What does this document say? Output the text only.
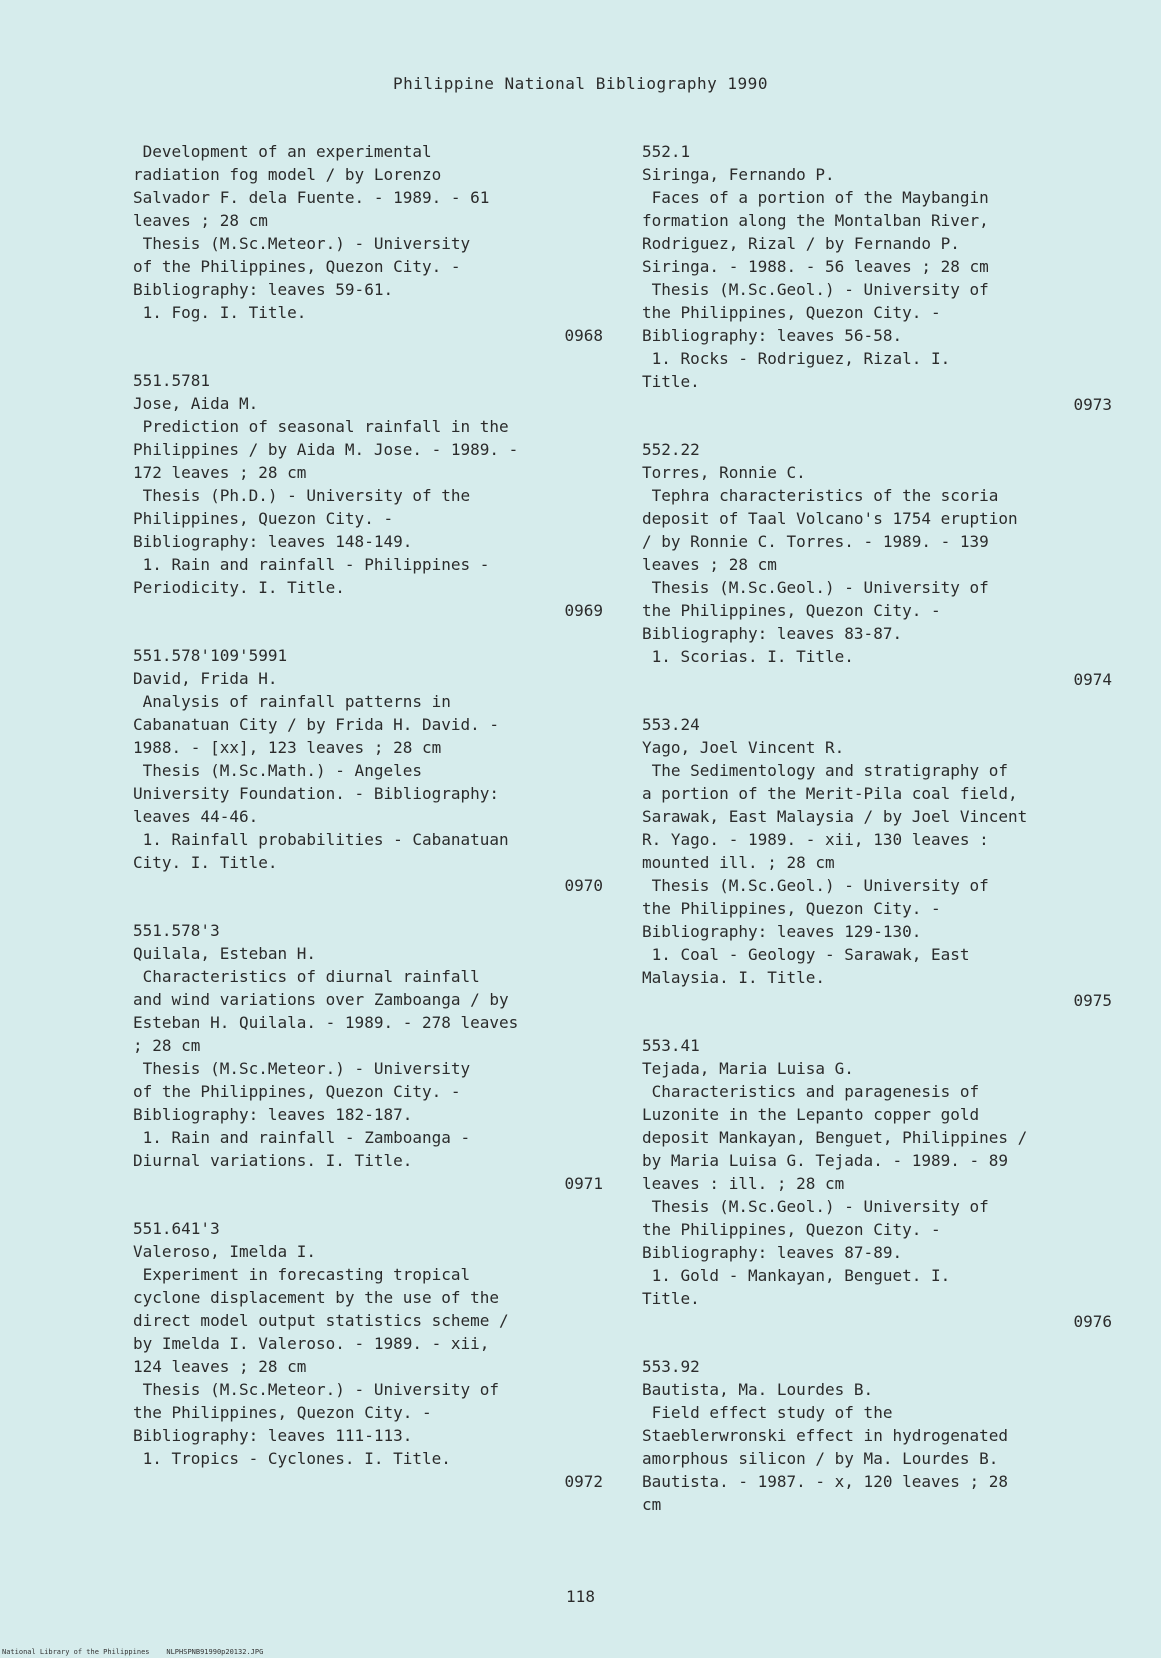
Philippine National Bibliography 1990
Development of an experimental
radiation fog model / by Lorenzo
Salvador F. dela Fuente. - 1989. - 61
leaves ; 28 cm
Thesis (M.Sc.Meteor.) - University
of the Philippines, Quezon City. -
Bibliography: leaves 59-61.
1. Fog. I. Title.
0968
551.5781
Jose, Aida M.
Prediction of seasonal rainfall in the
Philippines / by Aida M. Jose. - 1989. -
172 leaves ; 28 cm
Thesis (Ph.D.) - University of the
Philippines, Quezon City. -
Bibliography: leaves 148-149.
1. Rain and rainfall - Philippines -
Periodicity. I. Title.
0969
551.578'109'5991
David, Frida H.
Analysis of rainfall patterns in
Cabanatuan City / by Frida H. David. -
1988. - [xx], 123 leaves ; 28 cm
Thesis (M.Sc.Math.) - Angeles
University Foundation. - Bibliography:
leaves 44-46.
1. Rainfall probabilities - Cabanatuan
City. I. Title.
0970
551.578'3
Quilala, Esteban H.
Characteristics of diurnal rainfall
and wind variations over Zamboanga / by
Esteban H. Quilala. - 1989. - 278 leaves
; 28 cm
Thesis (M.Sc.Meteor.) - University
of the Philippines, Quezon City. -
Bibliography: leaves 182-187.
1. Rain and rainfall - Zamboanga -
Diurnal variations. I. Title.
0971
551.641'3
Valeroso, Imelda I.
Experiment in forecasting tropical
cyclone displacement by the use of the
direct model output statistics scheme /
by Imelda I. Valeroso. - 1989. - xii,
124 leaves ; 28 cm
Thesis (M.Sc.Meteor.) - University of
the Philippines, Quezon City. -
Bibliography: leaves 111-113.
1. Tropics - Cyclones. I. Title.
0972
552.1
Siringa, Fernando P.
Faces of a portion of the Maybangin
formation along the Montalban River,
Rodriguez, Rizal / by Fernando P.
Siringa. - 1988. - 56 leaves ; 28 cm
Thesis (M.Sc.Geol.) - University of
the Philippines, Quezon City. -
Bibliography: leaves 56-58.
1. Rocks - Rodriguez, Rizal. I.
Title.
0973
552.22
Torres, Ronnie C.
Tephra characteristics of the scoria
deposit of Taal Volcano's 1754 eruption
/ by Ronnie C. Torres. - 1989. - 139
leaves ; 28 cm
Thesis (M.Sc.Geol.) - University of
the Philippines, Quezon City. -
Bibliography: leaves 83-87.
1. Scorias. I. Title.
0974
553.24
Yago, Joel Vincent R.
The Sedimentology and stratigraphy of
a portion of the Merit-Pila coal field,
Sarawak, East Malaysia / by Joel Vincent
R. Yago. - 1989. - xii, 130 leaves :
mounted ill. ; 28 cm
Thesis (M.Sc.Geol.) - University of
the Philippines, Quezon City. -
Bibliography: leaves 129-130.
1. Coal - Geology - Sarawak, East
Malaysia. I. Title.
0975
553.41
Tejada, Maria Luisa G.
Characteristics and paragenesis of
Luzonite in the Lepanto copper gold
deposit Mankayan, Benguet, Philippines /
by Maria Luisa G. Tejada. - 1989. - 89
leaves : ill. ; 28 cm
Thesis (M.Sc.Geol.) - University of
the Philippines, Quezon City. -
Bibliography: leaves 87-89.
1. Gold - Mankayan, Benguet. I.
Title.
0976
553.92
Bautista, Ma. Lourdes B.
Field effect study of the
Staeblerwronski effect in hydrogenated
amorphous silicon / by Ma. Lourdes B.
Bautista. - 1987. - x, 120 leaves ; 28
cm
118
National Library of the Philippines NLPHSPNB91990p20132.JPG
